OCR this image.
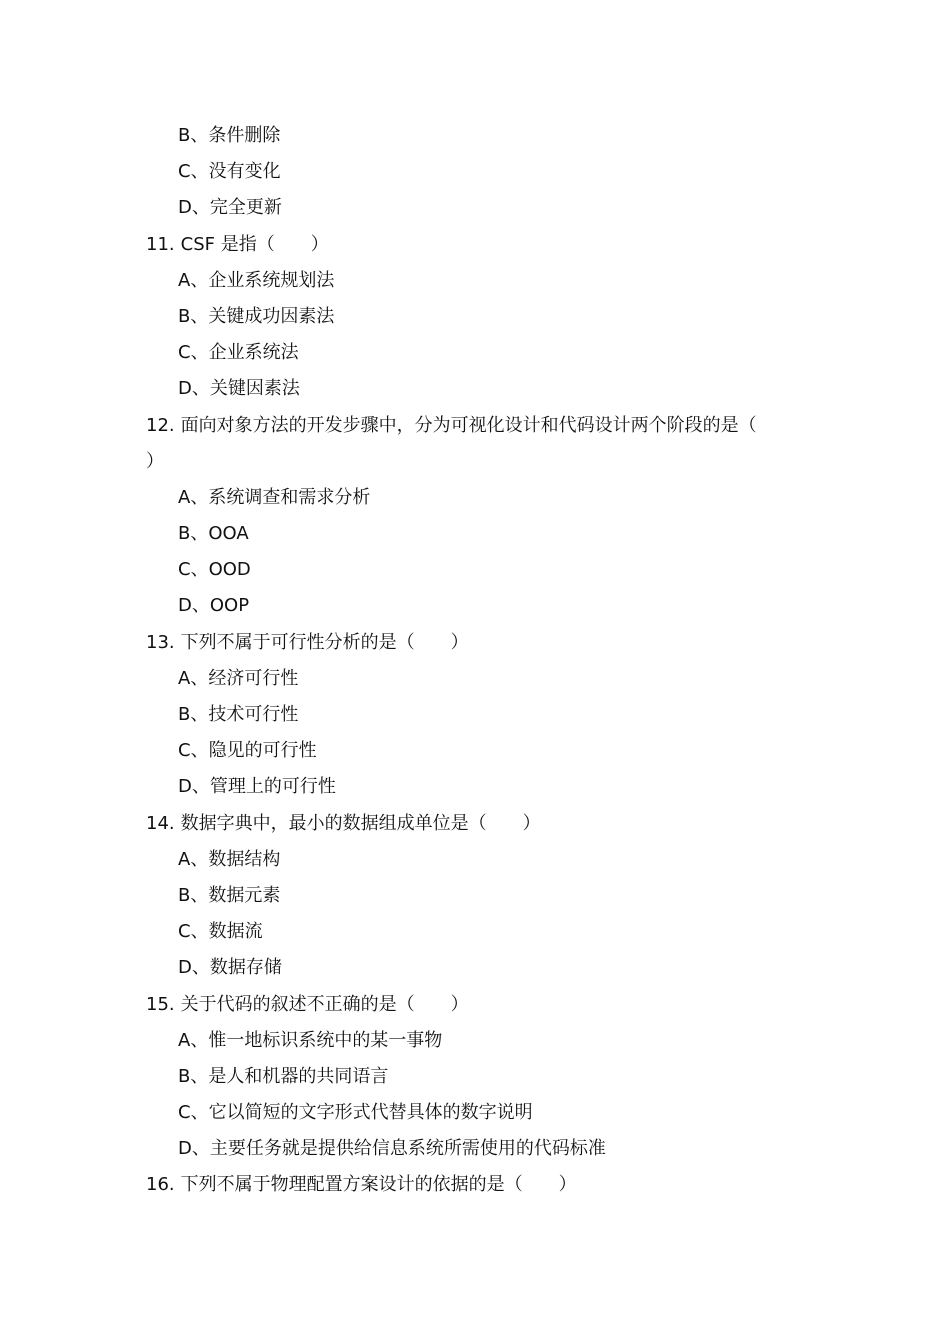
B、条件删除
C、没有变化
D、完全更新
11. CSF 是指（　　）
A、企业系统规划法
B、关键成功因素法
C、企业系统法
D、关键因素法
12. 面向对象方法的开发步骤中，分为可视化设计和代码设计两个阶段的是（
）
A、系统调查和需求分析
B、OOA
C、OOD
D、OOP
13. 下列不属于可行性分析的是（　　）
A、经济可行性
B、技术可行性
C、隐见的可行性
D、管理上的可行性
14. 数据字典中，最小的数据组成单位是（　　）
A、数据结构
B、数据元素
C、数据流
D、数据存储
15. 关于代码的叙述不正确的是（　　）
A、惟一地标识系统中的某一事物
B、是人和机器的共同语言
C、它以简短的文字形式代替具体的数字说明
D、主要任务就是提供给信息系统所需使用的代码标准
16. 下列不属于物理配置方案设计的依据的是（　　）
